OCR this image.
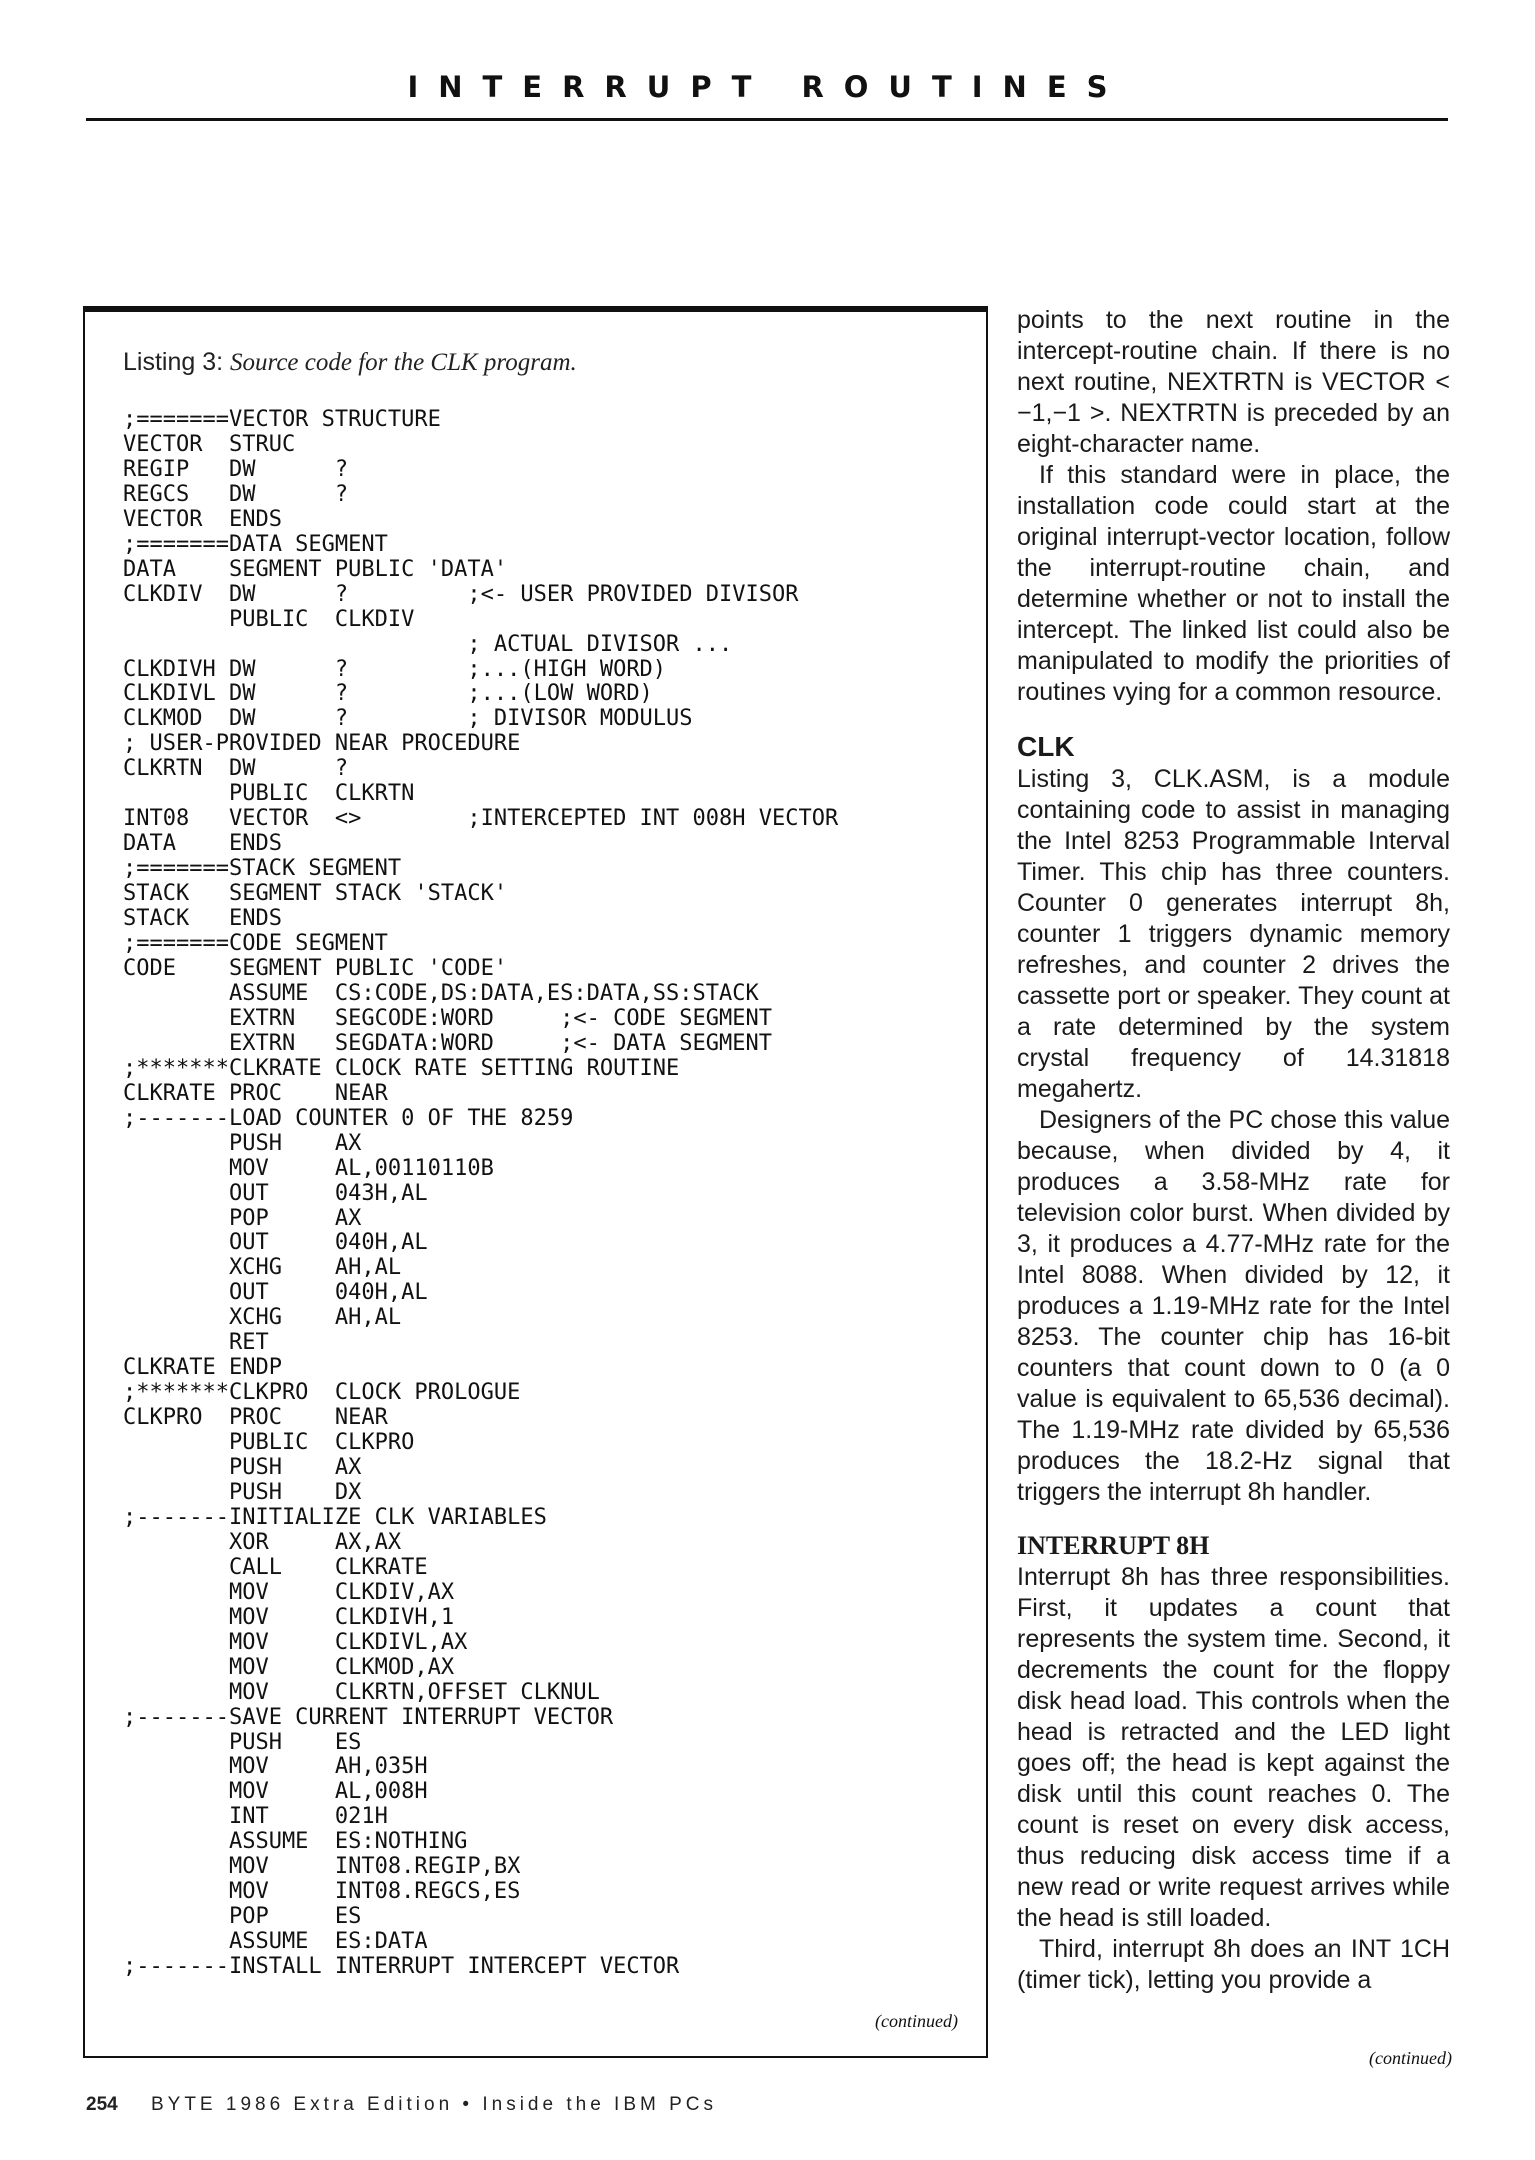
INTERRUPT ROUTINES
Listing 3: Source code for the CLK program.
;=======VECTOR STRUCTURE
VECTOR  STRUC
REGIP   DW      ?
REGCS   DW      ?
VECTOR  ENDS
;=======DATA SEGMENT
DATA    SEGMENT PUBLIC 'DATA'
CLKDIV  DW      ?         ;<- USER PROVIDED DIVISOR
PUBLIC  CLKDIV
; ACTUAL DIVISOR ...
CLKDIVH DW      ?         ;...(HIGH WORD)
CLKDIVL DW      ?         ;...(LOW WORD)
CLKMOD  DW      ?         ; DIVISOR MODULUS
; USER-PROVIDED NEAR PROCEDURE
CLKRTN  DW      ?
PUBLIC  CLKRTN
INT08   VECTOR  <>        ;INTERCEPTED INT 008H VECTOR
DATA    ENDS
;=======STACK SEGMENT
STACK   SEGMENT STACK 'STACK'
STACK   ENDS
;=======CODE SEGMENT
CODE    SEGMENT PUBLIC 'CODE'
ASSUME  CS:CODE,DS:DATA,ES:DATA,SS:STACK
EXTRN   SEGCODE:WORD     ;<- CODE SEGMENT
EXTRN   SEGDATA:WORD     ;<- DATA SEGMENT
;*******CLKRATE CLOCK RATE SETTING ROUTINE
CLKRATE PROC    NEAR
;-------LOAD COUNTER 0 OF THE 8259
PUSH    AX
MOV     AL,00110110B
OUT     043H,AL
POP     AX
OUT     040H,AL
XCHG    AH,AL
OUT     040H,AL
XCHG    AH,AL
RET
CLKRATE ENDP
;*******CLKPRO  CLOCK PROLOGUE
CLKPRO  PROC    NEAR
PUBLIC  CLKPRO
PUSH    AX
PUSH    DX
;-------INITIALIZE CLK VARIABLES
XOR     AX,AX
CALL    CLKRATE
MOV     CLKDIV,AX
MOV     CLKDIVH,1
MOV     CLKDIVL,AX
MOV     CLKMOD,AX
MOV     CLKRTN,OFFSET CLKNUL
;-------SAVE CURRENT INTERRUPT VECTOR
PUSH    ES
MOV     AH,035H
MOV     AL,008H
INT     021H
ASSUME  ES:NOTHING
MOV     INT08.REGIP,BX
MOV     INT08.REGCS,ES
POP     ES
ASSUME  ES:DATA
;-------INSTALL INTERRUPT INTERCEPT VECTOR
(continued)

points to the next routine in the intercept-routine chain. If there is no next routine, NEXTRTN is VECTOR < −1,−1 >. NEXTRTN is preceded by an eight-character name.

If this standard were in place, the installation code could start at the original interrupt-vector location, follow the interrupt-routine chain, and determine whether or not to install the intercept. The linked list could also be manipulated to modify the priorities of routines vying for a common resource.

CLK

Listing 3, CLK.ASM, is a module containing code to assist in managing the Intel 8253 Programmable Interval Timer. This chip has three counters. Counter 0 generates interrupt 8h, counter 1 triggers dynamic memory refreshes, and counter 2 drives the cassette port or speaker. They count at a rate determined by the system crystal frequency of 14.31818 megahertz.

Designers of the PC chose this value because, when divided by 4, it produces a 3.58-MHz rate for television color burst. When divided by 3, it produces a 4.77-MHz rate for the Intel 8088. When divided by 12, it produces a 1.19-MHz rate for the Intel 8253. The counter chip has 16-bit counters that count down to 0 (a 0 value is equivalent to 65,536 decimal). The 1.19-MHz rate divided by 65,536 produces the 18.2-Hz signal that triggers the interrupt 8h handler.

INTERRUPT 8H

Interrupt 8h has three responsibilities. First, it updates a count that represents the system time. Second, it decrements the count for the floppy disk head load. This controls when the head is retracted and the LED light goes off; the head is kept against the disk until this count reaches 0. The count is reset on every disk access, thus reducing disk access time if a new read or write request arrives while the head is still loaded.

Third, interrupt 8h does an INT 1CH (timer tick), letting you provide a

(continued)
254 BYTE 1986 Extra Edition • Inside the IBM PCs
